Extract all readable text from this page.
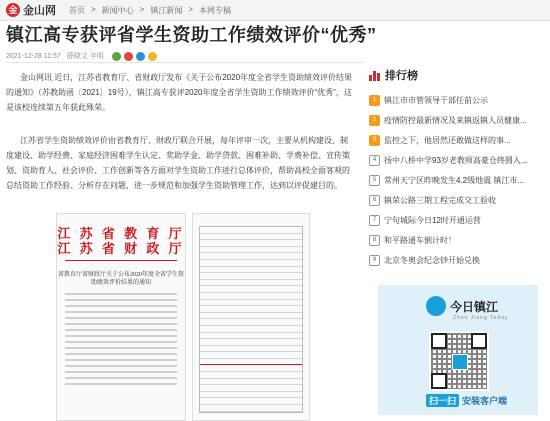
金 金山网 首页 > 新闻中心 > 镇江新闻 > 本网专稿
镇江高专获评省学生资助工作绩效评价“优秀”
2021-12-28 11:57 薛晓文 辛明

金山网讯 近日，江苏省教育厅、省财政厅发布《关于公布2020年度全省学生资助绩效评价结果的通知》（苏教助函〔2021〕19号），镇江高专获评2020年度全省学生资助工作绩效评价“优秀”，这是该校连续第五年获此殊荣。

江苏省学生资助绩效评价由省教育厅、财政厅联合开展，每年评审一次，主要从机构建设、制度建设、助学经费、家庭经济困难学生认定、奖助学金、助学贷款、困难补助、学费补偿、宣传策划、资助育人、社会评价、工作创新等各方面对学生资助工作进行总体评价，帮助高校全面客观的总结资助工作经验、分析存在问题，进一步规范和加强学生资助管理工作，达到以评促建目的。

江 苏 省 教 育 厅
江 苏 省 财 政 厅
省教育厅省财政厅关于公布2020年度全省学生资助绩效评价结果的通知
排行榜
1 镇江市市管领导干部任前公示
2 疫情防控最新情况及来镇返镇人员健康...
3 监控之下，他居然还敢做这样的事...
4 扬中八桥中学93岁老教师高豪仓终圆入...
5 常州天宁区昨晚发生4.2级地震 镇江市...
6 镇荣公路三期工程完成交工验收
7 宁句城际今日12时开通运营
8 和平路通车倒计时！
9 北京冬奥会纪念钞开始兑换
今日镇江
Zhen Jiang Today
扫一扫 安装客户端
